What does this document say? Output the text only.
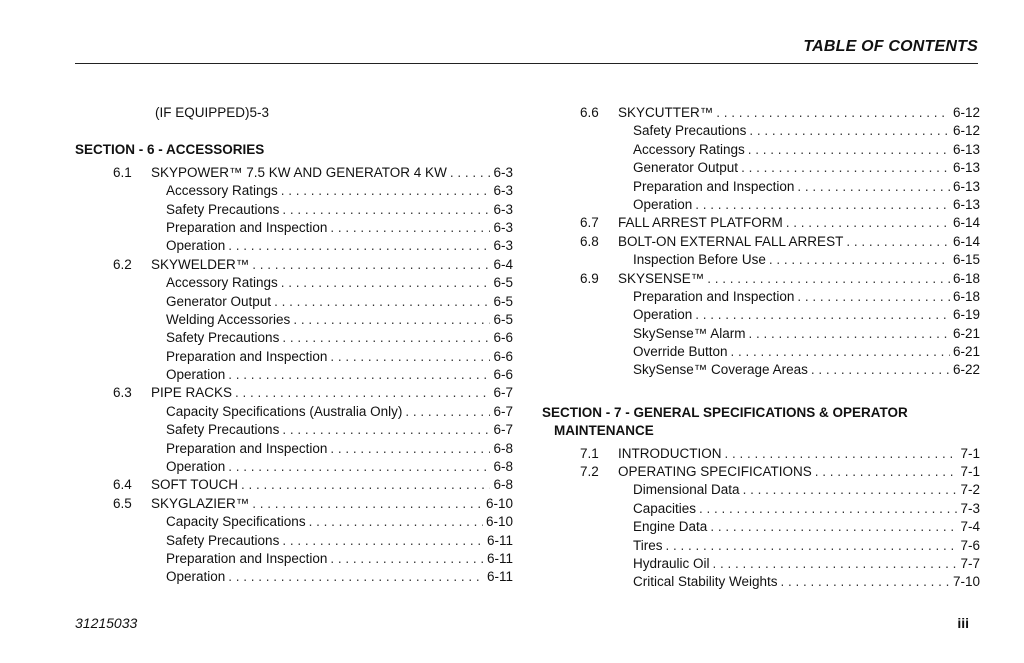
TABLE OF CONTENTS
(IF EQUIPPED)5-3
SECTION - 6 - ACCESSORIES
6.1	SKYPOWER™ 7.5 KW AND GENERATOR 4 KW . . .	6-3
Accessory Ratings . . .	6-3
Safety Precautions . . .	6-3
Preparation and Inspection . . .	6-3
Operation . . .	6-3
6.2	SKYWELDER™ . . .	6-4
Accessory Ratings . . .	6-5
Generator Output . . .	6-5
Welding Accessories . . .	6-5
Safety Precautions . . .	6-6
Preparation and Inspection . . .	6-6
Operation . . .	6-6
6.3	PIPE RACKS . . .	6-7
Capacity Specifications (Australia Only) . . .	6-7
Safety Precautions . . .	6-7
Preparation and Inspection . . .	6-8
Operation . . .	6-8
6.4	SOFT TOUCH . . .	6-8
6.5	SKYGLAZIER™ . . .	6-10
Capacity Specifications . . .	6-10
Safety Precautions . . .	6-11
Preparation and Inspection . . .	6-11
Operation . . .	6-11
6.6	SKYCUTTER™ . . .	6-12
Safety Precautions . . .	6-12
Accessory Ratings . . .	6-13
Generator Output . . .	6-13
Preparation and Inspection . . .	6-13
Operation . . .	6-13
6.7	FALL ARREST PLATFORM . . .	6-14
6.8	BOLT-ON EXTERNAL FALL ARREST . . .	6-14
Inspection Before Use . . .	6-15
6.9	SKYSENSE™ . . .	6-18
Preparation and Inspection . . .	6-18
Operation . . .	6-19
SkySense™ Alarm . . .	6-21
Override Button . . .	6-21
SkySense™ Coverage Areas . . .	6-22
SECTION - 7 - GENERAL SPECIFICATIONS & OPERATOR
MAINTENANCE
7.1	INTRODUCTION . . .	7-1
7.2	OPERATING SPECIFICATIONS . . .	7-1
Dimensional Data . . .	7-2
Capacities . . .	7-3
Engine Data . . .	7-4
Tires . . .	7-6
Hydraulic Oil . . .	7-7
Critical Stability Weights . . .	7-10
31215033	iii
